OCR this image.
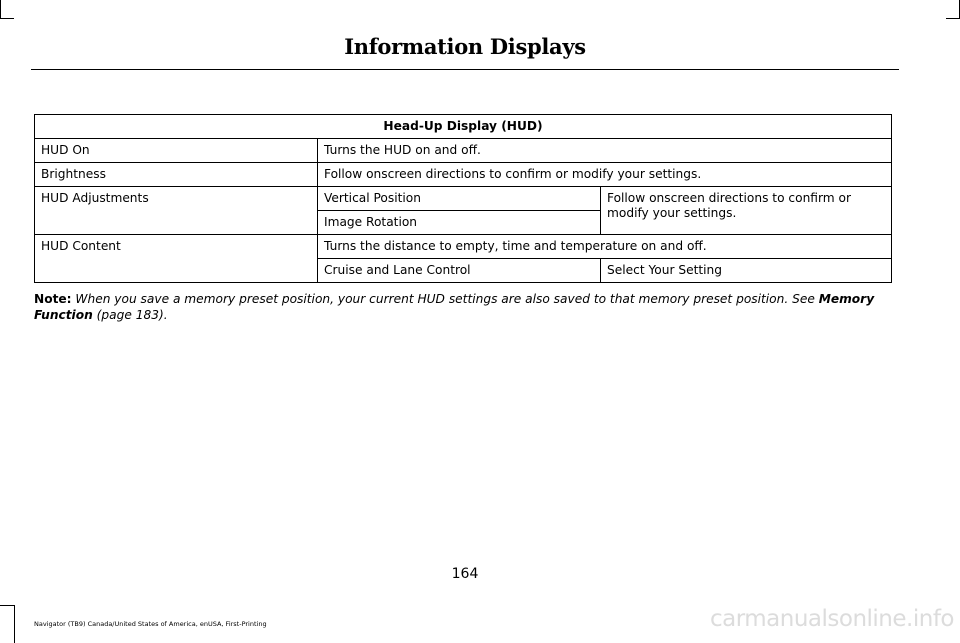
Information Displays
Head-Up Display (HUD)		
HUD On	Turns the HUD on and off.	
Brightness	Follow onscreen directions to confirm or modify your settings.	
HUD Adjustments	Vertical Position	Follow onscreen directions to confirm or modify your settings.
	Image Rotation	
HUD Content	Turns the distance to empty, time and temperature on and off.	
	Cruise and Lane Control	Select Your Setting
Note: When you save a memory preset position, your current HUD settings are also saved to that memory preset position. See Memory Function (page 183).
164
Navigator (TB9) Canada/United States of America, enUSA, First-Printing	carmanualsonline.info
